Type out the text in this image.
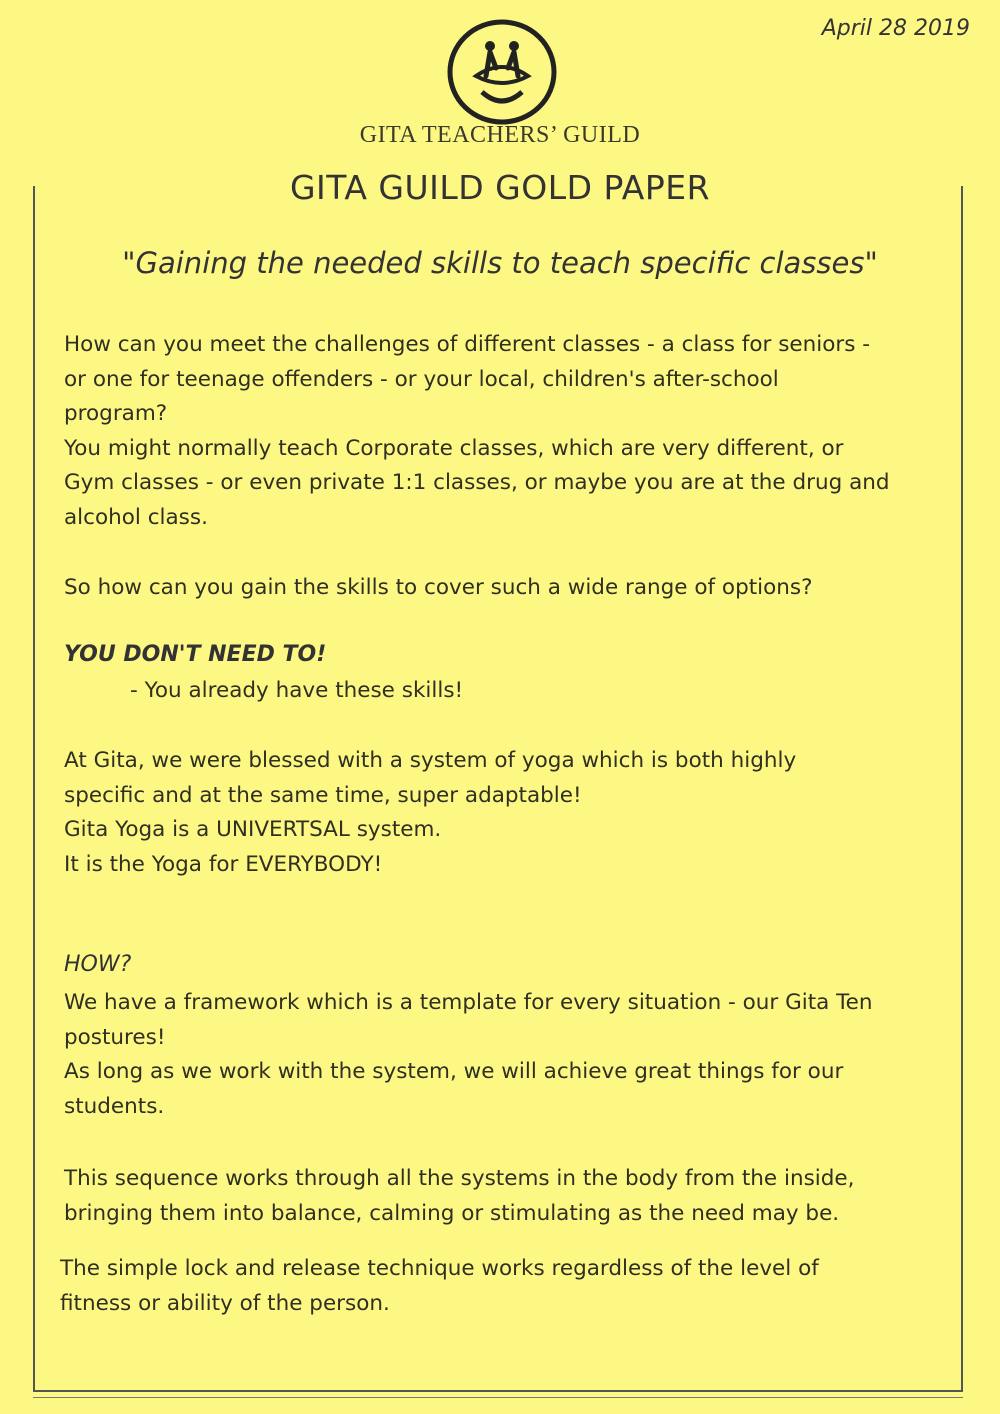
April 28 2019
GITA TEACHERS’ GUILD
GITA GUILD GOLD PAPER
"Gaining the needed skills to teach specific classes"
How can you meet the challenges of different classes - a class for seniors -
or one for teenage offenders - or your local, children's after-school
program?
You might normally teach Corporate classes, which are very different, or
Gym classes - or even private 1:1 classes, or maybe you are at the drug and
alcohol class.
So how can you gain the skills to cover such a wide range of options?
YOU DON'T NEED TO!
- You already have these skills!
At Gita, we were blessed with a system of yoga which is both highly
specific and at the same time, super adaptable!
Gita Yoga is a UNIVERTSAL system.
It is the Yoga for EVERYBODY!
HOW?
We have a framework which is a template for every situation - our Gita Ten
postures!
As long as we work with the system, we will achieve great things for our
students.
This sequence works through all the systems in the body from the inside,
bringing them into balance, calming or stimulating as the need may be.
The simple lock and release technique works regardless of the level of
fitness or ability of the person.
